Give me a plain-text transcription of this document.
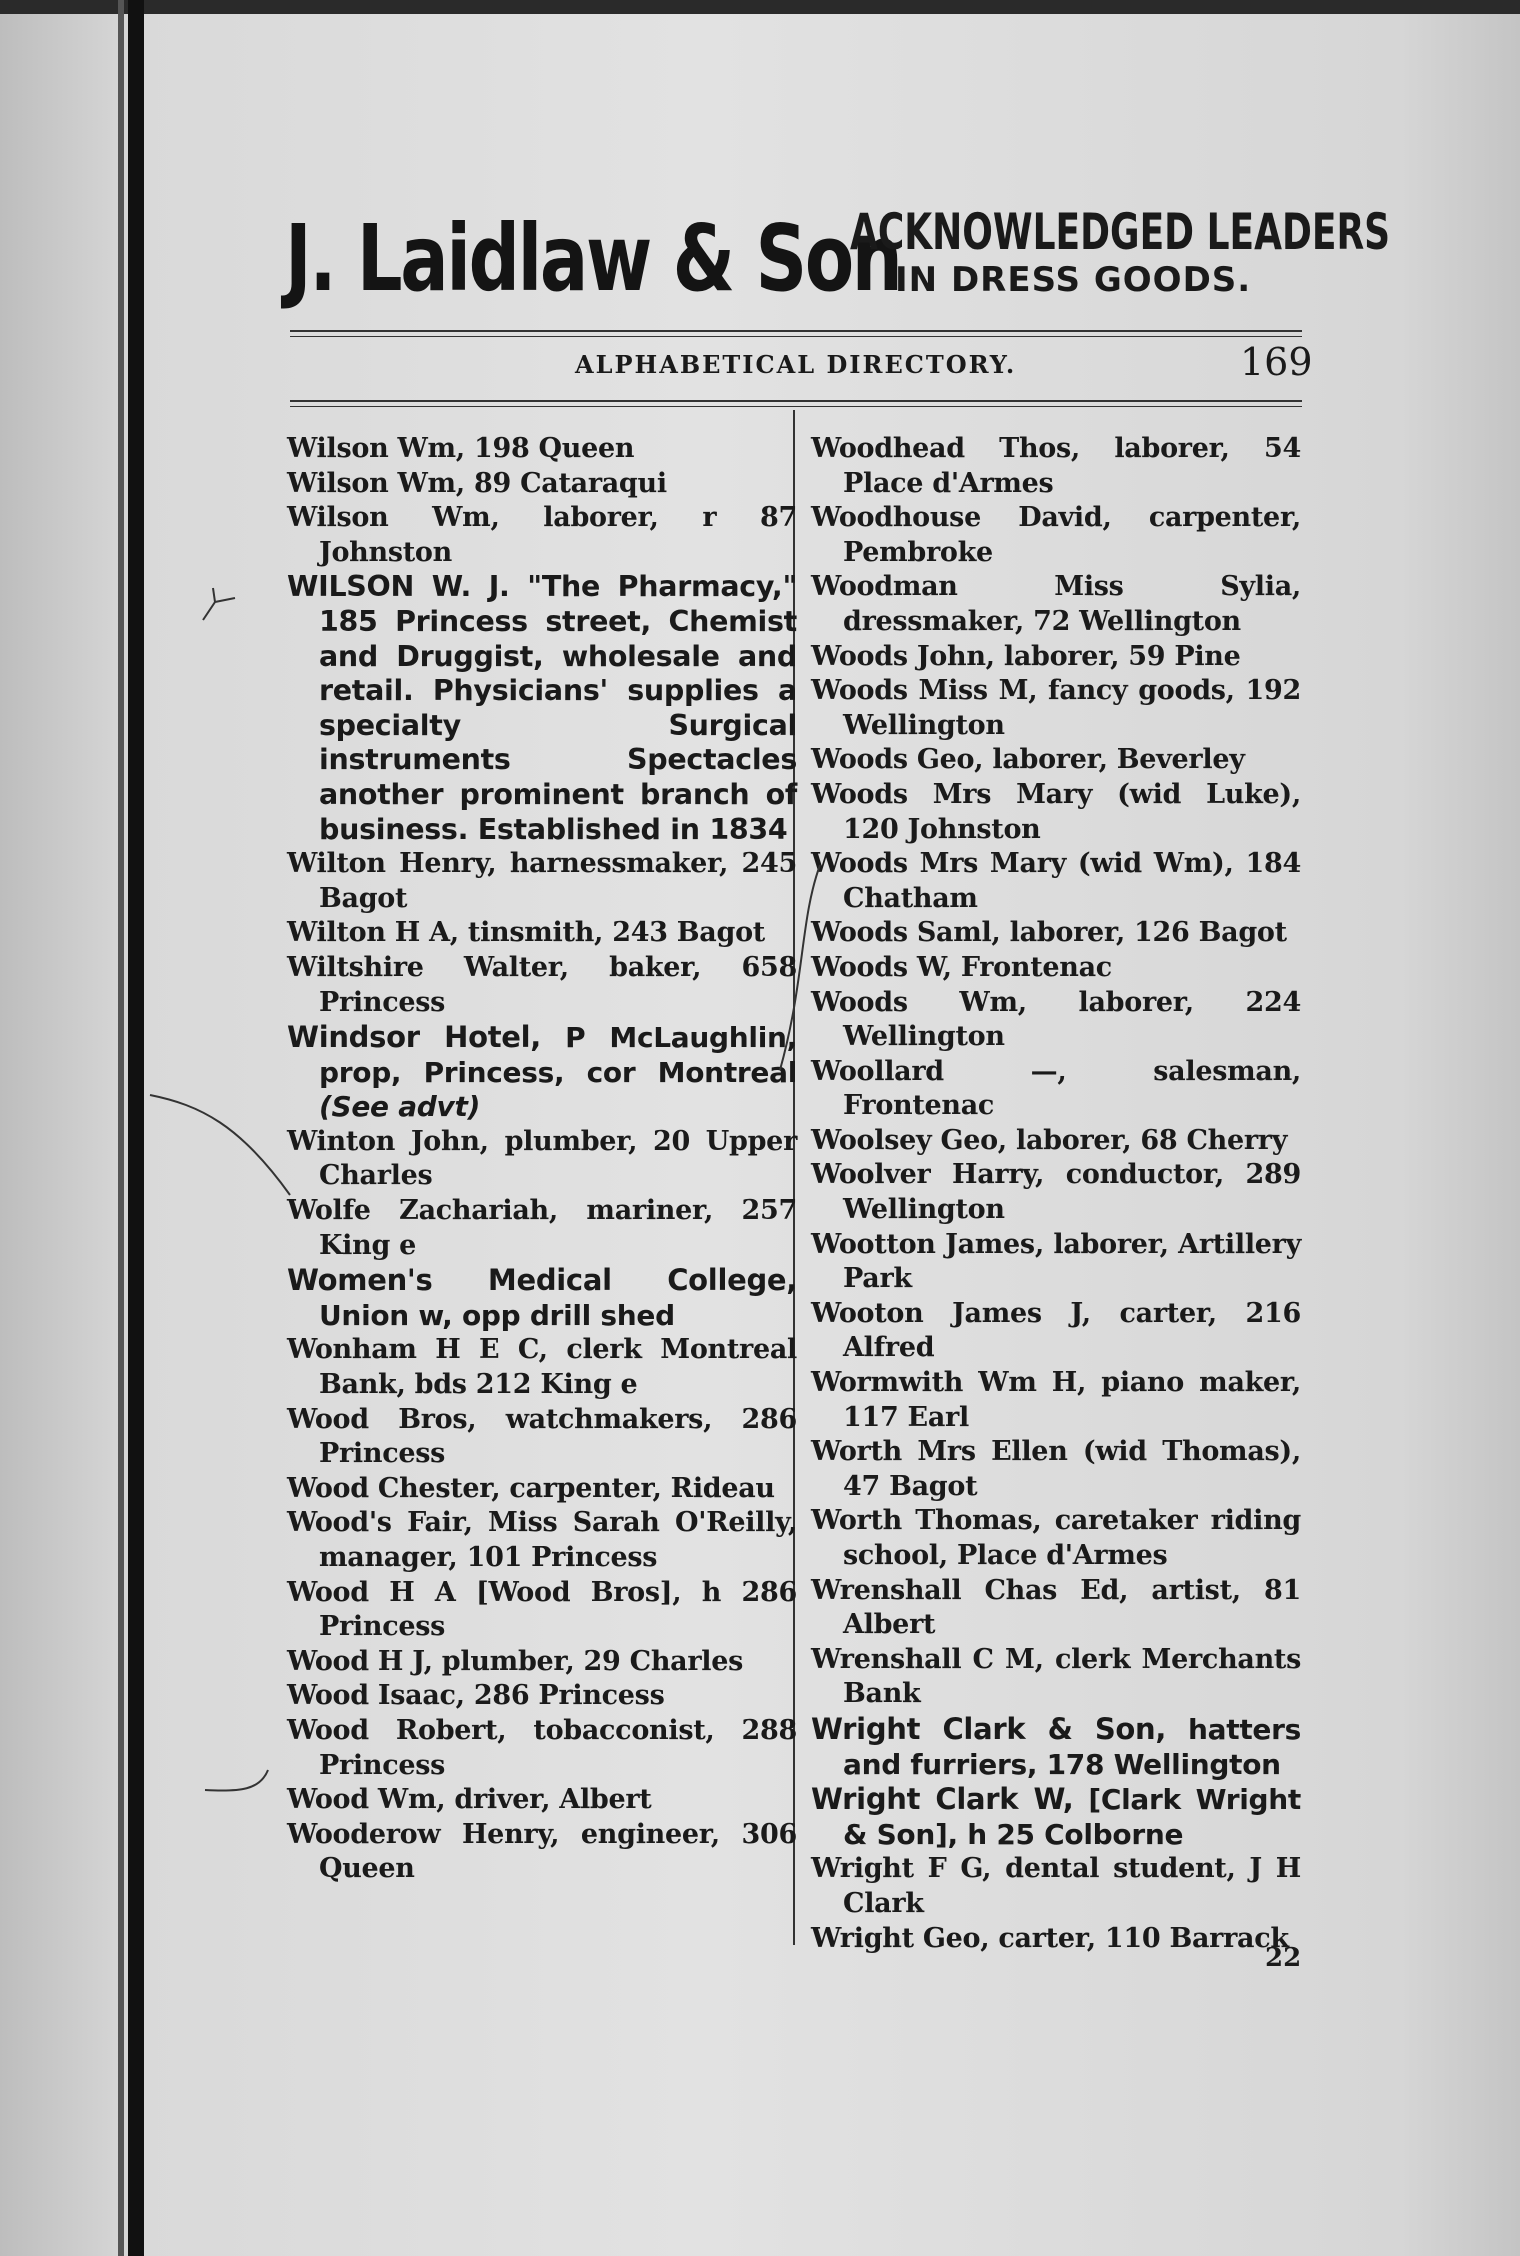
J. Laidlaw & Son
ACKNOWLEDGED LEADERS
IN DRESS GOODS.
ALPHABETICAL DIRECTORY.	169
Wilson Wm, 198 Queen
Wilson Wm, 89 Cataraqui
Wilson Wm, laborer, r 87 Johnston
WILSON W. J. "The Pharmacy," 185 Princess street, Chemist and Druggist, wholesale and retail. Physicians' supplies a specialty Surgical instruments Spectacles another prominent branch of business. Established in 1834
Wilton Henry, harnessmaker, 245 Bagot
Wilton H A, tinsmith, 243 Bagot
Wiltshire Walter, baker, 658 Princess
Windsor Hotel, P McLaughlin, prop, Princess, cor Montreal (See advt)
Winton John, plumber, 20 Upper Charles
Wolfe Zachariah, mariner, 257 King e
Women's Medical College, Union w, opp drill shed
Wonham H E C, clerk Montreal Bank, bds 212 King e
Wood Bros, watchmakers, 286 Princess
Wood Chester, carpenter, Rideau
Wood's Fair, Miss Sarah O'Reilly, manager, 101 Princess
Wood H A [Wood Bros], h 286 Princess
Wood H J, plumber, 29 Charles
Wood Isaac, 286 Princess
Wood Robert, tobacconist, 288 Princess
Wood Wm, driver, Albert
Wooderow Henry, engineer, 306 Queen
Woodhead Thos, laborer, 54 Place d'Armes
Woodhouse David, carpenter, Pembroke
Woodman Miss Sylia, dressmaker, 72 Wellington
Woods John, laborer, 59 Pine
Woods Miss M, fancy goods, 192 Wellington
Woods Geo, laborer, Beverley
Woods Mrs Mary (wid Luke), 120 Johnston
Woods Mrs Mary (wid Wm), 184 Chatham
Woods Saml, laborer, 126 Bagot
Woods W, Frontenac
Woods Wm, laborer, 224 Wellington
Woollard —, salesman, Frontenac
Woolsey Geo, laborer, 68 Cherry
Woolver Harry, conductor, 289 Wellington
Wootton James, laborer, Artillery Park
Wooton James J, carter, 216 Alfred
Wormwith Wm H, piano maker, 117 Earl
Worth Mrs Ellen (wid Thomas), 47 Bagot
Worth Thomas, caretaker riding school, Place d'Armes
Wrenshall Chas Ed, artist, 81 Albert
Wrenshall C M, clerk Merchants Bank
Wright Clark & Son, hatters and furriers, 178 Wellington
Wright Clark W, [Clark Wright & Son], h 25 Colborne
Wright F G, dental student, J H Clark
Wright Geo, carter, 110 Barrack
22
